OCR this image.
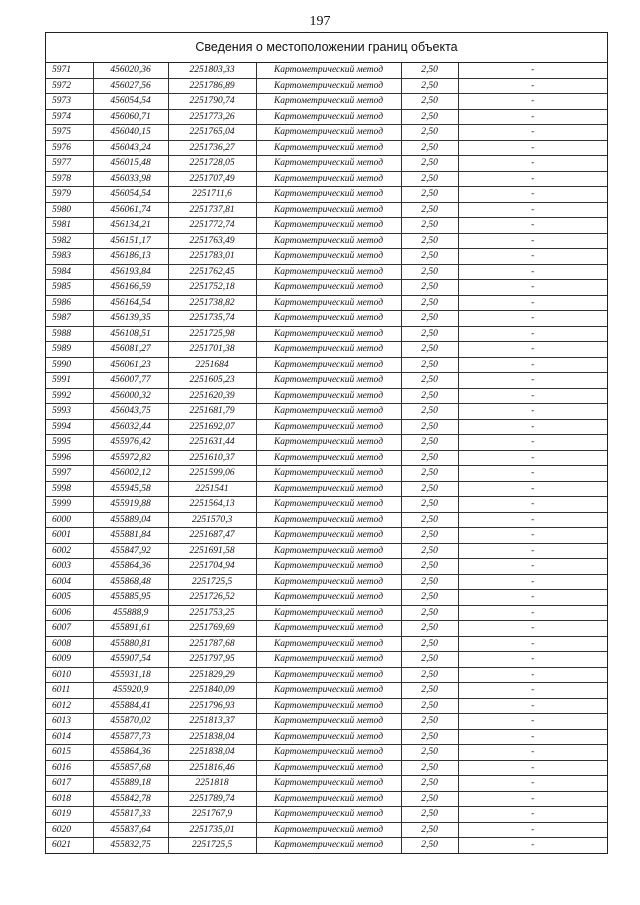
197
Сведения о местоположении границ объекта
5971	456020,36	2251803,33	Картометрический метод	2,50	-
5972	456027,56	2251786,89	Картометрический метод	2,50	-
5973	456054,54	2251790,74	Картометрический метод	2,50	-
5974	456060,71	2251773,26	Картометрический метод	2,50	-
5975	456040,15	2251765,04	Картометрический метод	2,50	-
5976	456043,24	2251736,27	Картометрический метод	2,50	-
5977	456015,48	2251728,05	Картометрический метод	2,50	-
5978	456033,98	2251707,49	Картометрический метод	2,50	-
5979	456054,54	2251711,6	Картометрический метод	2,50	-
5980	456061,74	2251737,81	Картометрический метод	2,50	-
5981	456134,21	2251772,74	Картометрический метод	2,50	-
5982	456151,17	2251763,49	Картометрический метод	2,50	-
5983	456186,13	2251783,01	Картометрический метод	2,50	-
5984	456193,84	2251762,45	Картометрический метод	2,50	-
5985	456166,59	2251752,18	Картометрический метод	2,50	-
5986	456164,54	2251738,82	Картометрический метод	2,50	-
5987	456139,35	2251735,74	Картометрический метод	2,50	-
5988	456108,51	2251725,98	Картометрический метод	2,50	-
5989	456081,27	2251701,38	Картометрический метод	2,50	-
5990	456061,23	2251684	Картометрический метод	2,50	-
5991	456007,77	2251605,23	Картометрический метод	2,50	-
5992	456000,32	2251620,39	Картометрический метод	2,50	-
5993	456043,75	2251681,79	Картометрический метод	2,50	-
5994	456032,44	2251692,07	Картометрический метод	2,50	-
5995	455976,42	2251631,44	Картометрический метод	2,50	-
5996	455972,82	2251610,37	Картометрический метод	2,50	-
5997	456002,12	2251599,06	Картометрический метод	2,50	-
5998	455945,58	2251541	Картометрический метод	2,50	-
5999	455919,88	2251564,13	Картометрический метод	2,50	-
6000	455889,04	2251570,3	Картометрический метод	2,50	-
6001	455881,84	2251687,47	Картометрический метод	2,50	-
6002	455847,92	2251691,58	Картометрический метод	2,50	-
6003	455864,36	2251704,94	Картометрический метод	2,50	-
6004	455868,48	2251725,5	Картометрический метод	2,50	-
6005	455885,95	2251726,52	Картометрический метод	2,50	-
6006	455888,9	2251753,25	Картометрический метод	2,50	-
6007	455891,61	2251769,69	Картометрический метод	2,50	-
6008	455880,81	2251787,68	Картометрический метод	2,50	-
6009	455907,54	2251797,95	Картометрический метод	2,50	-
6010	455931,18	2251829,29	Картометрический метод	2,50	-
6011	455920,9	2251840,09	Картометрический метод	2,50	-
6012	455884,41	2251796,93	Картометрический метод	2,50	-
6013	455870,02	2251813,37	Картометрический метод	2,50	-
6014	455877,73	2251838,04	Картометрический метод	2,50	-
6015	455864,36	2251838,04	Картометрический метод	2,50	-
6016	455857,68	2251816,46	Картометрический метод	2,50	-
6017	455889,18	2251818	Картометрический метод	2,50	-
6018	455842,78	2251789,74	Картометрический метод	2,50	-
6019	455817,33	2251767,9	Картометрический метод	2,50	-
6020	455837,64	2251735,01	Картометрический метод	2,50	-
6021	455832,75	2251725,5	Картометрический метод	2,50	-
